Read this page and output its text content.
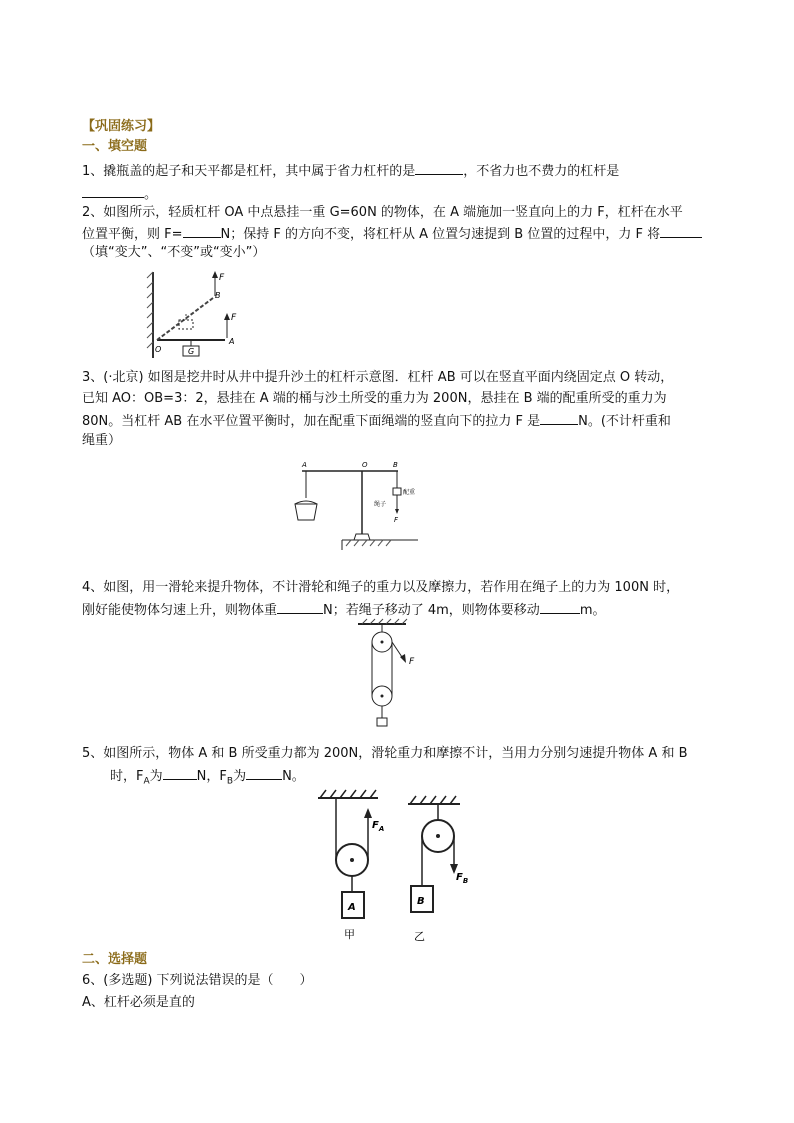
【巩固练习】
一、填空题
1、撬瓶盖的起子和天平都是杠杆，其中属于省力杠杆的是	，不省力也不费力的杠杆是
。
2、如图所示，轻质杠杆 OA 中点悬挂一重 G=60N 的物体，在 A 端施加一竖直向上的力 F，杠杆在水平
位置平衡，则 F=	N；保持 F 的方向不变，将杠杆从 A 位置匀速提到 B 位置的过程中，力 F 将
（填“变大”、“不变”或“变小”）
G
F
B
F
A
O
3、(·北京) 如图是挖井时从井中提升沙土的杠杆示意图．杠杆 AB 可以在竖直平面内绕固定点 O 转动，
已知 AO：OB=3：2，悬挂在 A 端的桶与沙土所受的重力为 200N，悬挂在 B 端的配重所受的重力为
80N。当杠杆 AB 在水平位置平衡时，加在配重下面绳端的竖直向下的拉力 F 是	N。(不计杆重和
绳重）
A	O	B
配重
绳子
F
4、如图，用一滑轮来提升物体，不计滑轮和绳子的重力以及摩擦力，若作用在绳子上的力为 100N 时，
刚好能使物体匀速上升，则物体重	N；若绳子移动了 4m，则物体要移动	m。
F
5、如图所示，物体 A 和 B 所受重力都为 200N，滑轮重力和摩擦不计，当用力分别匀速提升物体 A 和 B
时，$F_A$为	N，$F_B$为	N。
$F_A$
A
甲
$F_B$
B
乙
二、选择题
6、(多选题) 下列说法错误的是（　　）
A、杠杆必须是直的
